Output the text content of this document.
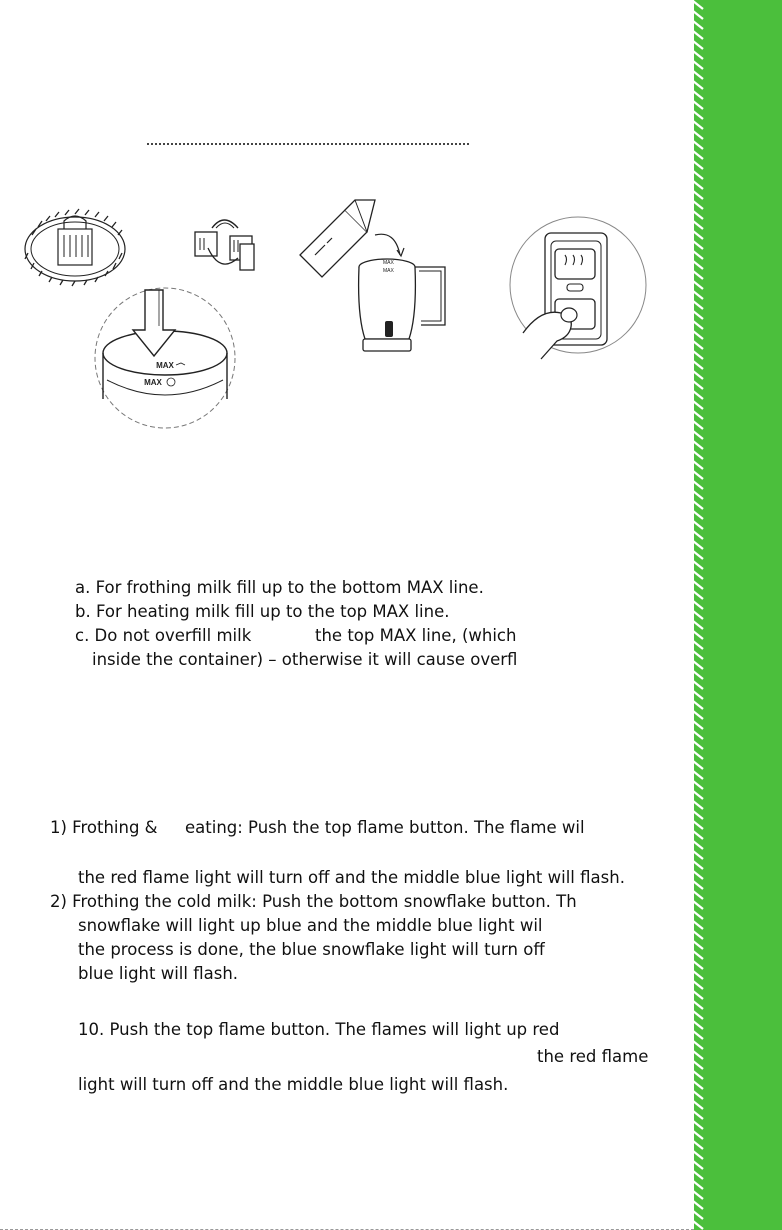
MAX
MAX
MAX
MAX
a. For frothing milk fill up to the bottom MAX line.
b. For heating milk fill up to the top MAX line.
c. Do not overfill milk	the top MAX line, (which
inside the container) – otherwise it will cause overfl
1) Frothing & eating: Push the top flame button. The flame wil
the red flame light will turn off and the middle blue light will flash.
2) Frothing the cold milk: Push the bottom snowflake button. Th
snowflake will light up blue and the middle blue light wil
the process is done, the blue snowflake light will turn off
blue light will flash.
10. Push the top flame button. The flames will light up red
the red flame
light will turn off and the middle blue light will flash.
